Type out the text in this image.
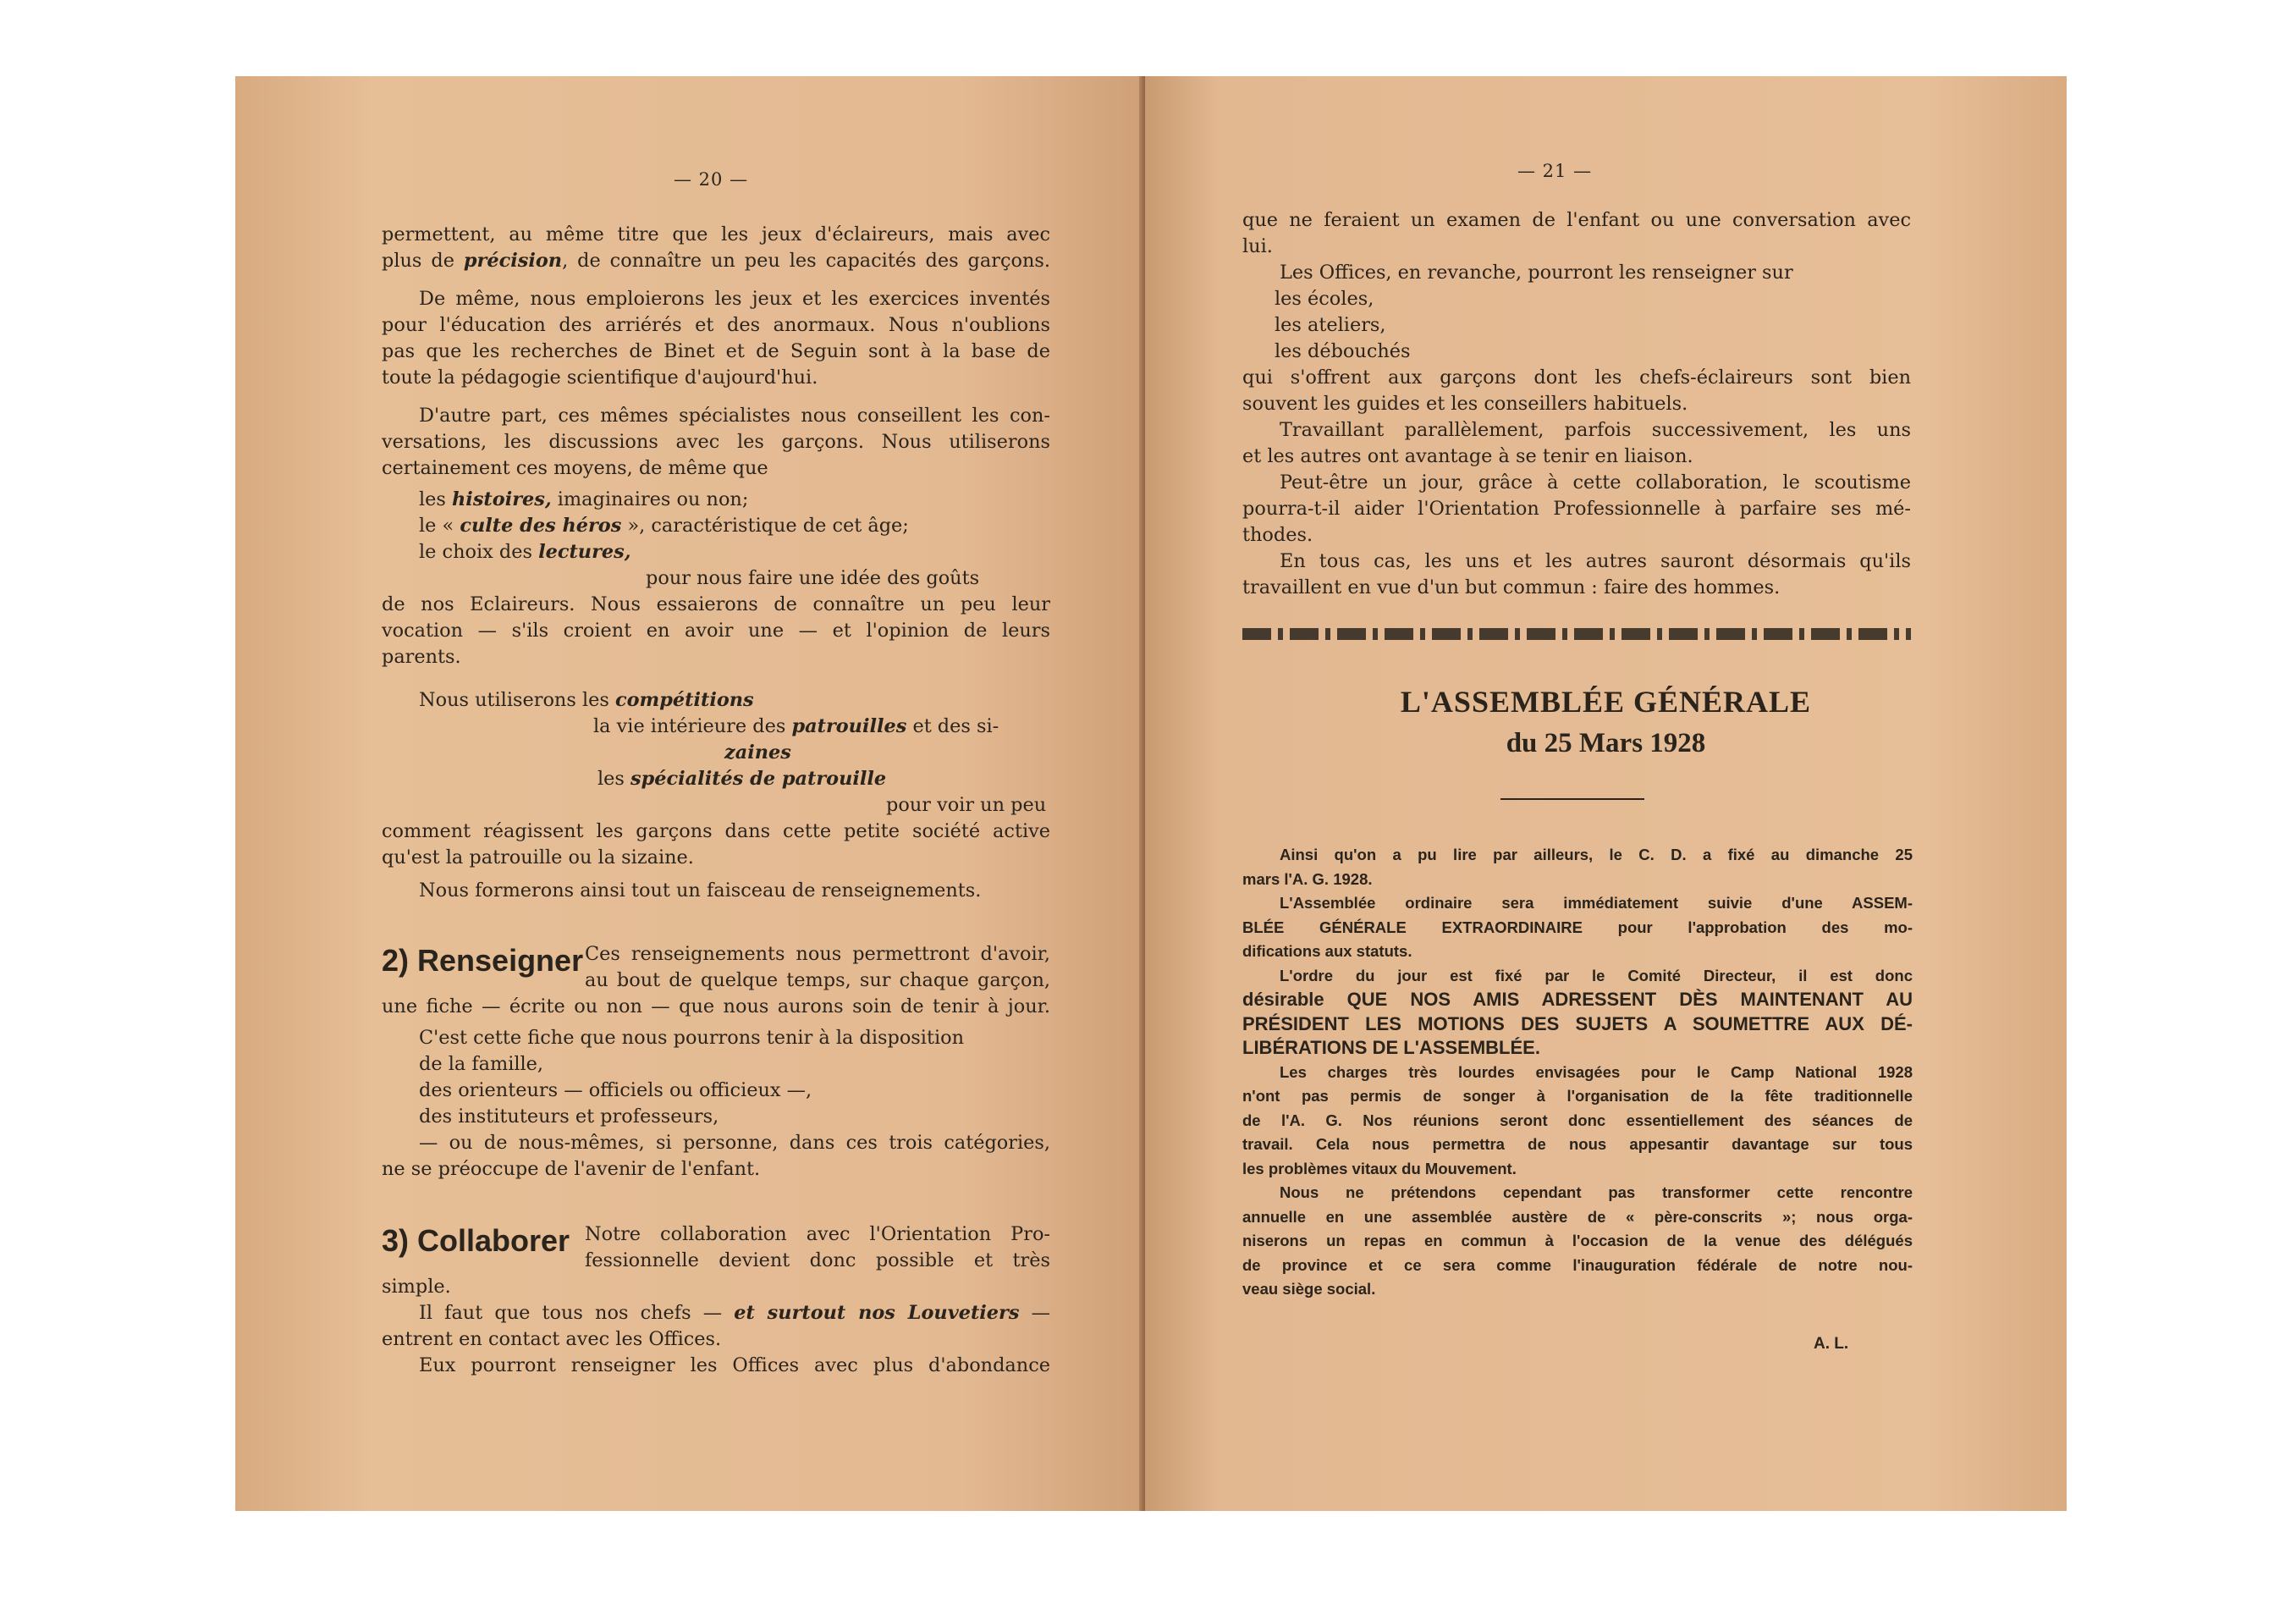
— 20 —
permettent, au même titre que les jeux d'éclaireurs, mais avec
plus de précision, de connaître un peu les capacités des garçons.
De même, nous emploierons les jeux et les exercices inventés
pour l'éducation des arriérés et des anormaux. Nous n'oublions
pas que les recherches de Binet et de Seguin sont à la base de
toute la pédagogie scientifique d'aujourd'hui.
D'autre part, ces mêmes spécialistes nous conseillent les con-
versations, les discussions avec les garçons. Nous utiliserons
certainement ces moyens, de même que
les histoires, imaginaires ou non;
le « culte des héros », caractéristique de cet âge;
le choix des lectures,
pour nous faire une idée des goûts
de nos Eclaireurs. Nous essaierons de connaître un peu leur
vocation — s'ils croient en avoir une — et l'opinion de leurs
parents.
Nous utiliserons les compétitions
la vie intérieure des patrouilles et des si-
zaines
les spécialités de patrouille
pour voir un peu
comment réagissent les garçons dans cette petite société active
qu'est la patrouille ou la sizaine.
Nous formerons ainsi tout un faisceau de renseignements.
2) Renseigner Ces renseignements nous permettront d'avoir,
au bout de quelque temps, sur chaque garçon,
une fiche — écrite ou non — que nous aurons soin de tenir à jour.
C'est cette fiche que nous pourrons tenir à la disposition
de la famille,
des orienteurs — officiels ou officieux —,
des instituteurs et professeurs,
— ou de nous-mêmes, si personne, dans ces trois catégories,
ne se préoccupe de l'avenir de l'enfant.
3) Collaborer Notre collaboration avec l'Orientation Pro-
fessionnelle devient donc possible et très
simple.
Il faut que tous nos chefs — et surtout nos Louvetiers —
entrent en contact avec les Offices.
Eux pourront renseigner les Offices avec plus d'abondance
— 21 —
que ne feraient un examen de l'enfant ou une conversation avec
lui.
Les Offices, en revanche, pourront les renseigner sur
les écoles,
les ateliers,
les débouchés
qui s'offrent aux garçons dont les chefs-éclaireurs sont bien
souvent les guides et les conseillers habituels.
Travaillant parallèlement, parfois successivement, les uns
et les autres ont avantage à se tenir en liaison.
Peut-être un jour, grâce à cette collaboration, le scoutisme
pourra-t-il aider l'Orientation Professionnelle à parfaire ses mé-
thodes.
En tous cas, les uns et les autres sauront désormais qu'ils
travaillent en vue d'un but commun : faire des hommes.
L'ASSEMBLÉE GÉNÉRALE
du 25 Mars 1928
Ainsi qu'on a pu lire par ailleurs, le C. D. a fixé au dimanche 25
mars l'A. G. 1928.
L'Assemblée ordinaire sera immédiatement suivie d'une ASSEM-
BLÉE GÉNÉRALE EXTRAORDINAIRE pour l'approbation des mo-
difications aux statuts.
L'ordre du jour est fixé par le Comité Directeur, il est donc
désirable QUE NOS AMIS ADRESSENT DÈS MAINTENANT AU
PRÉSIDENT LES MOTIONS DES SUJETS A SOUMETTRE AUX DÉ-
LIBÉRATIONS DE L'ASSEMBLÉE.
Les charges très lourdes envisagées pour le Camp National 1928
n'ont pas permis de songer à l'organisation de la fête traditionnelle
de l'A. G. Nos réunions seront donc essentiellement des séances de
travail. Cela nous permettra de nous appesantir davantage sur tous
les problèmes vitaux du Mouvement.
Nous ne prétendons cependant pas transformer cette rencontre
annuelle en une assemblée austère de « père-conscrits »; nous orga-
niserons un repas en commun à l'occasion de la venue des délégués
de province et ce sera comme l'inauguration fédérale de notre nou-
veau siège social.
A. L.
